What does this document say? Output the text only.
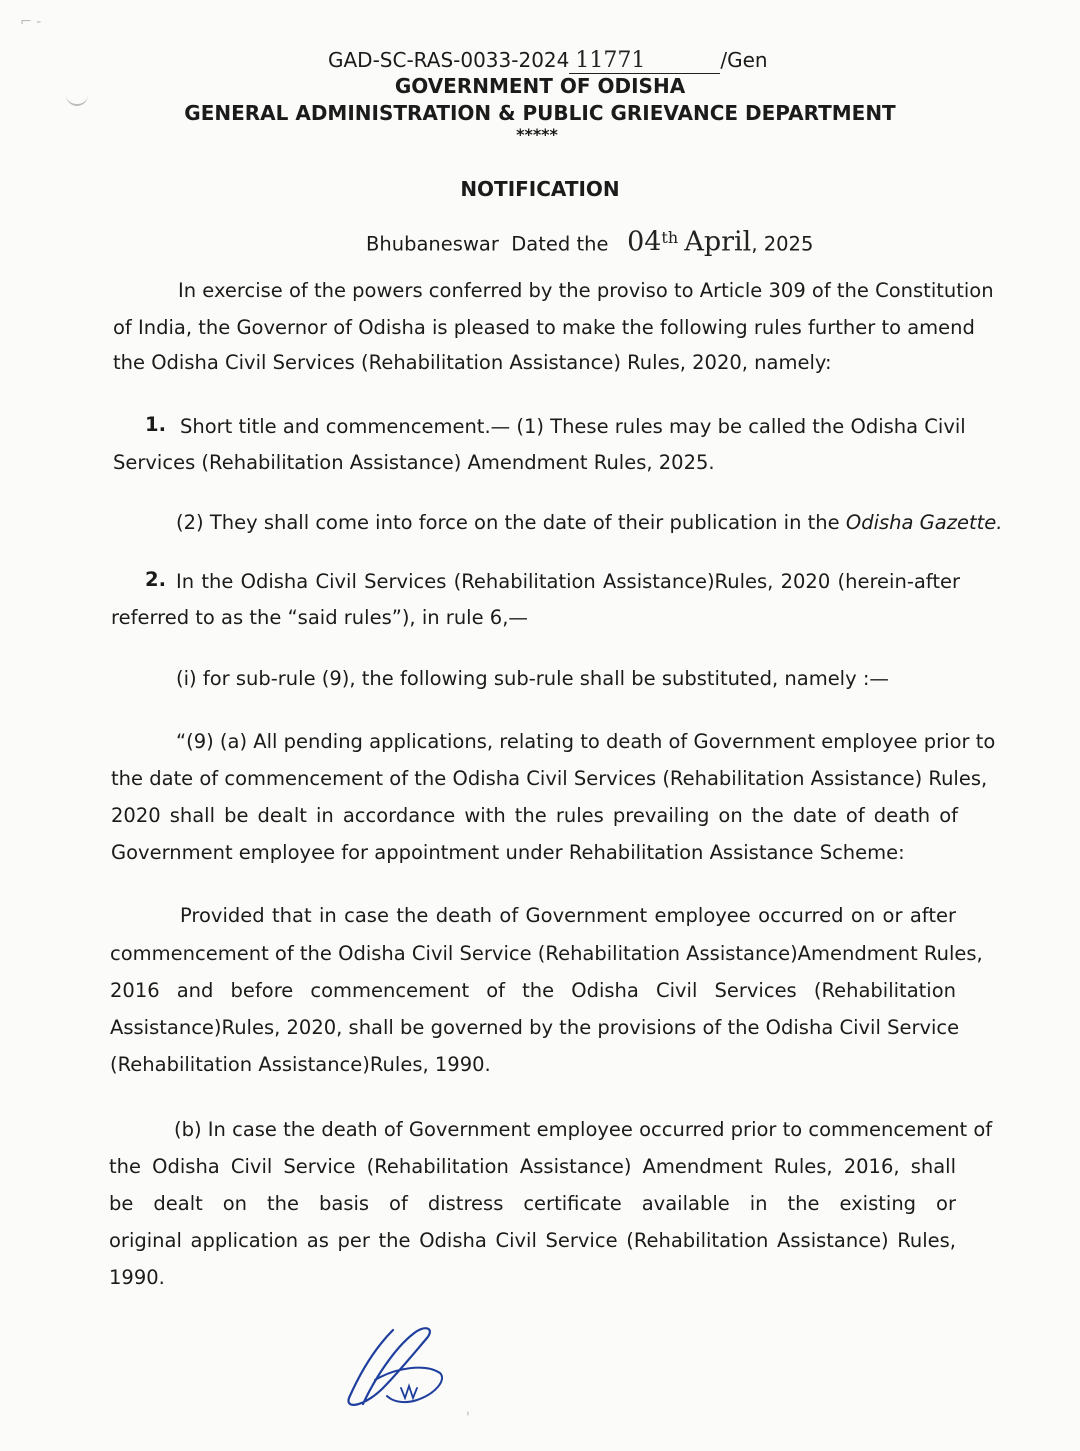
⌐ ‐
GAD-SC-RAS-0033-2024 11771	/Gen
GOVERNMENT OF ODISHA
GENERAL ADMINISTRATION & PUBLIC GRIEVANCE DEPARTMENT
*****
NOTIFICATION
Bhubaneswar Dated the 04th April, 2025
In exercise of the powers conferred by the proviso to Article 309 of the Constitution
of India, the Governor of Odisha is pleased to make the following rules further to amend
the Odisha Civil Services (Rehabilitation Assistance) Rules, 2020, namely:
1. Short title and commencement.— (1) These rules may be called the Odisha Civil
Services (Rehabilitation Assistance) Amendment Rules, 2025.
(2) They shall come into force on the date of their publication in the Odisha Gazette.
2. In the Odisha Civil Services (Rehabilitation Assistance)Rules, 2020 (herein-after
referred to as the “said rules”), in rule 6,—
(i) for sub-rule (9), the following sub-rule shall be substituted, namely :—
“(9) (a) All pending applications, relating to death of Government employee prior to
the date of commencement of the Odisha Civil Services (Rehabilitation Assistance) Rules,
2020 shall be dealt in accordance with the rules prevailing on the date of death of
Government employee for appointment under Rehabilitation Assistance Scheme:
Provided that in case the death of Government employee occurred on or after
commencement of the Odisha Civil Service (Rehabilitation Assistance)Amendment Rules,
2016 and before commencement of the Odisha Civil Services (Rehabilitation
Assistance)Rules, 2020, shall be governed by the provisions of the Odisha Civil Service
(Rehabilitation Assistance)Rules, 1990.
(b) In case the death of Government employee occurred prior to commencement of
the Odisha Civil Service (Rehabilitation Assistance) Amendment Rules, 2016, shall
be dealt on the basis of distress certificate available in the existing or
original application as per the Odisha Civil Service (Rehabilitation Assistance) Rules,
1990.
'
